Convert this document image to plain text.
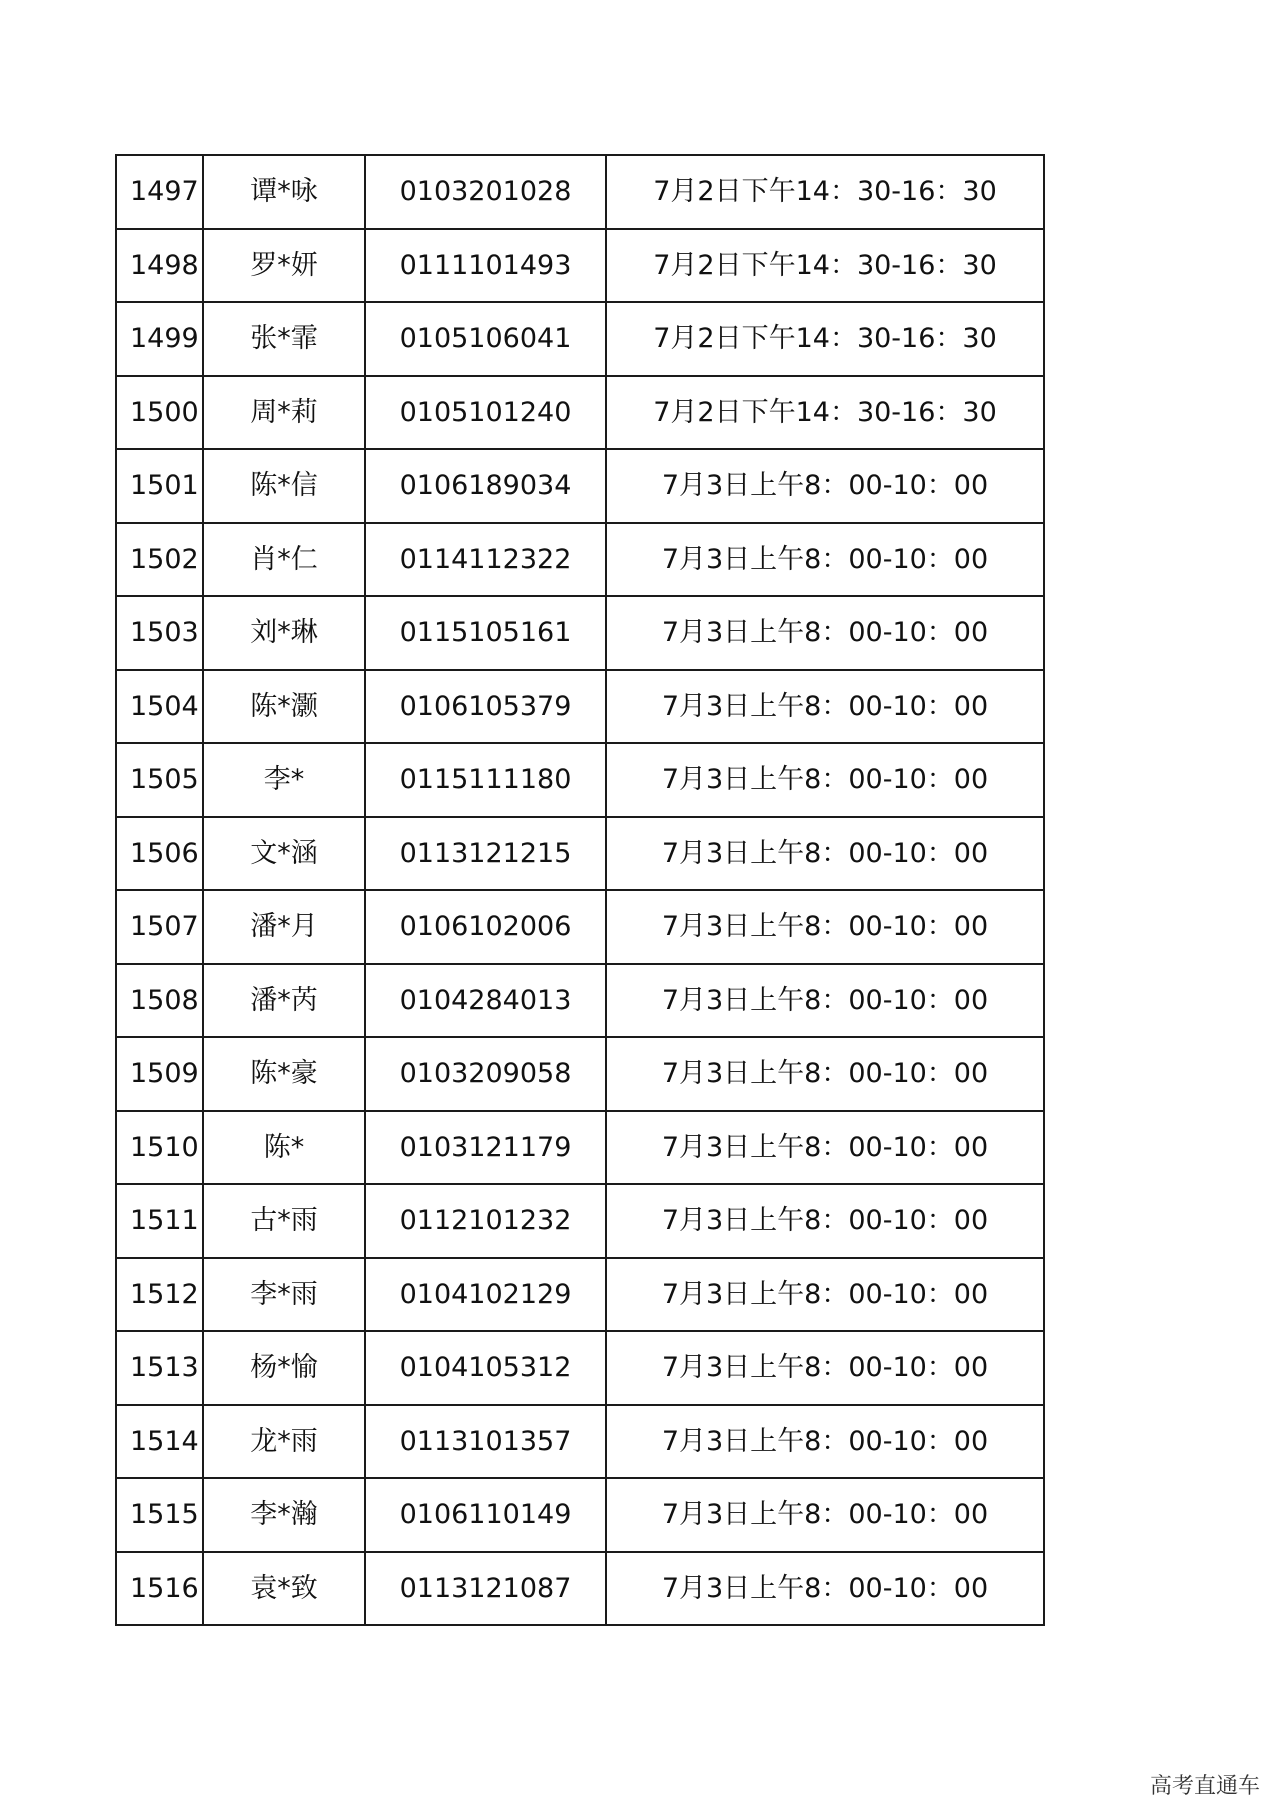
1497	谭*咏	0103201028	7月2日下午14：30-16：30
1498	罗*妍	0111101493	7月2日下午14：30-16：30
1499	张*霏	0105106041	7月2日下午14：30-16：30
1500	周*莉	0105101240	7月2日下午14：30-16：30
1501	陈*信	0106189034	7月3日上午8：00-10：00
1502	肖*仁	0114112322	7月3日上午8：00-10：00
1503	刘*琳	0115105161	7月3日上午8：00-10：00
1504	陈*灏	0106105379	7月3日上午8：00-10：00
1505	李*	0115111180	7月3日上午8：00-10：00
1506	文*涵	0113121215	7月3日上午8：00-10：00
1507	潘*月	0106102006	7月3日上午8：00-10：00
1508	潘*芮	0104284013	7月3日上午8：00-10：00
1509	陈*豪	0103209058	7月3日上午8：00-10：00
1510	陈*	0103121179	7月3日上午8：00-10：00
1511	古*雨	0112101232	7月3日上午8：00-10：00
1512	李*雨	0104102129	7月3日上午8：00-10：00
1513	杨*愉	0104105312	7月3日上午8：00-10：00
1514	龙*雨	0113101357	7月3日上午8：00-10：00
1515	李*瀚	0106110149	7月3日上午8：00-10：00
1516	袁*致	0113121087	7月3日上午8：00-10：00
高考直通车
